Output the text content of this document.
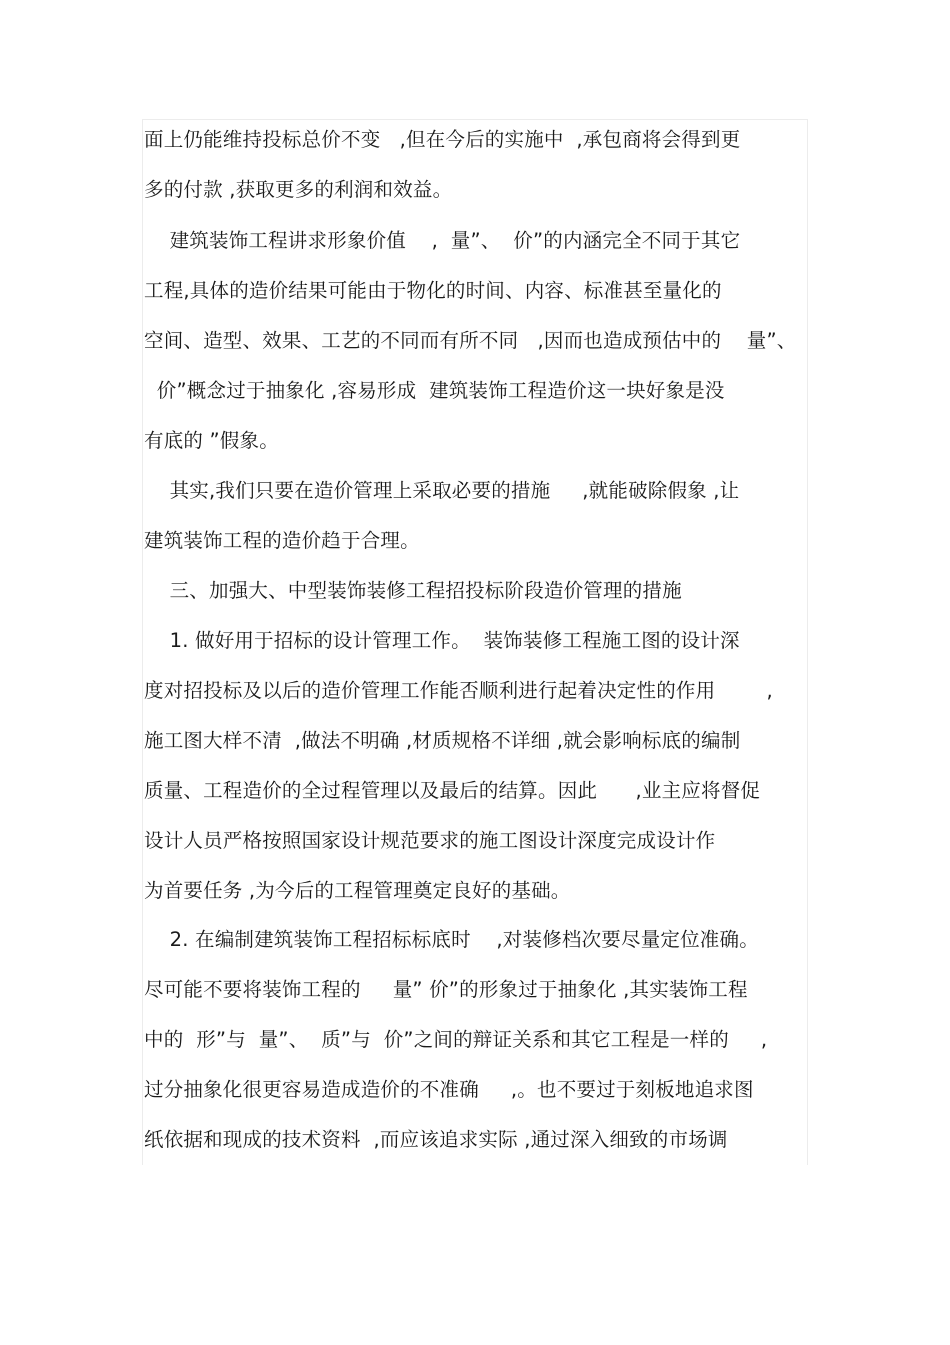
面上仍能维持投标总价不变   ,但在今后的实施中  ,承包商将会得到更
多的付款 ,获取更多的利润和效益。
建筑装饰工程讲求形象价值    ,  量”、  价”的内涵完全不同于其它
工程,具体的造价结果可能由于物化的时间、内容、标准甚至量化的
空间、造型、效果、工艺的不同而有所不同   ,因而也造成预估中的    量”、
价”概念过于抽象化 ,容易形成  建筑装饰工程造价这一块好象是没
有底的 ”假象。
其实,我们只要在造价管理上采取必要的措施     ,就能破除假象 ,让
建筑装饰工程的造价趋于合理。
三、加强大、中型装饰装修工程招投标阶段造价管理的措施
1. 做好用于招标的设计管理工作。  装饰装修工程施工图的设计深
度对招投标及以后的造价管理工作能否顺利进行起着决定性的作用        ,
施工图大样不清  ,做法不明确 ,材质规格不详细 ,就会影响标底的编制
质量、工程造价的全过程管理以及最后的结算。因此      ,业主应将督促
设计人员严格按照国家设计规范要求的施工图设计深度完成设计作
为首要任务 ,为今后的工程管理奠定良好的基础。
2. 在编制建筑装饰工程招标标底时    ,对装修档次要尽量定位准确。
尽可能不要将装饰工程的     量” 价”的形象过于抽象化 ,其实装饰工程
中的  形”与  量”、  质”与  价”之间的辩证关系和其它工程是一样的     ,
过分抽象化很更容易造成造价的不准确     ,。也不要过于刻板地追求图
纸依据和现成的技术资料  ,而应该追求实际 ,通过深入细致的市场调
